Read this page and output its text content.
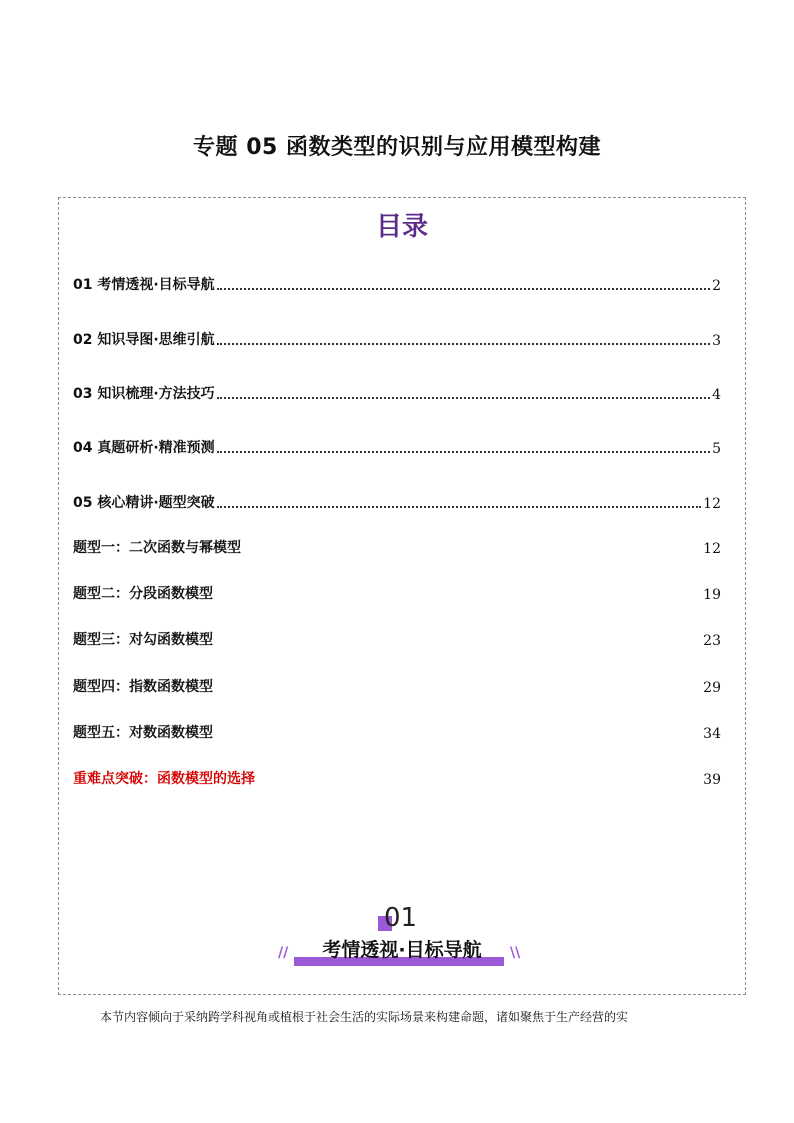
专题 05 函数类型的识别与应用模型构建
目录
01 考情透视·目标导航	2
02 知识导图·思维引航	3
03 知识梳理·方法技巧	4
04 真题研析·精准预测	5
05 核心精讲·题型突破	12
题型一：二次函数与幂模型	12
题型二：分段函数模型	19
题型三：对勾函数模型	23
题型四：指数函数模型	29
题型五：对数函数模型	34
重难点突破：函数模型的选择	39
01
考情透视·目标导航
//	\\
本节内容倾向于采纳跨学科视角或植根于社会生活的实际场景来构建命题，诸如聚焦于生产经营的实
